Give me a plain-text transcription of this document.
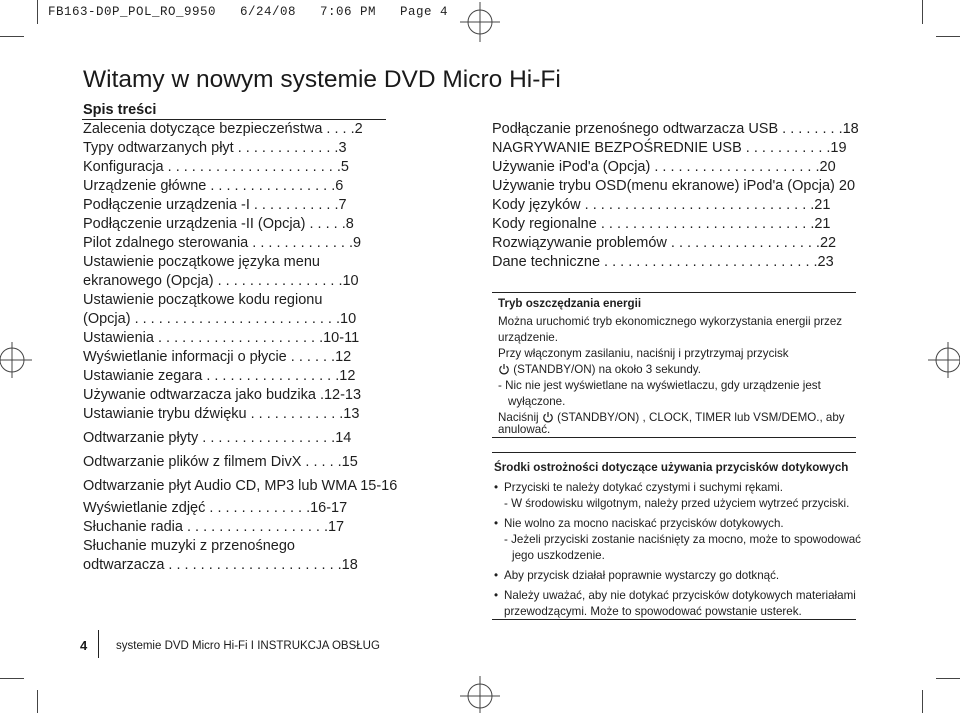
FB163-D0P_POL_RO_9950   6/24/08   7:06 PM   Page 4
Witamy w nowym systemie DVD Micro Hi-Fi
Spis treści
Zalecenia dotyczące bezpieczeństwa . . . .2
Typy odtwarzanych płyt . . . . . . . . . . . . .3
Konfiguracja . . . . . . . . . . . . . . . . . . . . . .5
Urządzenie główne . . . . . . . . . . . . . . . .6
Podłączenie urządzenia -I . . . . . . . . . . .7
Podłączenie urządzenia -II (Opcja) . . . . .8
Pilot zdalnego sterowania . . . . . . . . . . . . .9
Ustawienie początkowe języka menu
ekranowego (Opcja) . . . . . . . . . . . . . . . .10
Ustawienie początkowe kodu regionu
(Opcja) . . . . . . . . . . . . . . . . . . . . . . . . . .10
Ustawienia . . . . . . . . . . . . . . . . . . . . .10-11
Wyświetlanie informacji o płycie . . . . . .12
Ustawianie zegara . . . . . . . . . . . . . . . . .12
Używanie odtwarzacza jako budzika .12-13
Ustawianie trybu dźwięku . . . . . . . . . . . .13
Odtwarzanie płyty . . . . . . . . . . . . . . . . .14
Odtwarzanie plików z filmem DivX . . . . .15
Odtwarzanie płyt Audio CD, MP3 lub WMA 15-16
Wyświetlanie zdjęć . . . . . . . . . . . . .16-17
Słuchanie radia . . . . . . . . . . . . . . . . . .17
Słuchanie muzyki z przenośnego
odtwarzacza . . . . . . . . . . . . . . . . . . . . . .18
Podłączanie przenośnego odtwarzacza USB . . . . . . . .18
NAGRYWANIE BEZPOŚREDNIE USB . . . . . . . . . . .19
Używanie iPod'a (Opcja) . . . . . . . . . . . . . . . . . . . . .20
Używanie trybu OSD(menu ekranowe) iPod'a (Opcja) 20
Kody języków . . . . . . . . . . . . . . . . . . . . . . . . . . . . .21
Kody regionalne . . . . . . . . . . . . . . . . . . . . . . . . . . .21
Rozwiązywanie problemów . . . . . . . . . . . . . . . . . . .22
Dane techniczne . . . . . . . . . . . . . . . . . . . . . . . . . . .23
Tryb oszczędzania energii
Można uruchomić tryb ekonomicznego wykorzystania energii przez
urządzenie.
Przy włączonym zasilaniu, naciśnij i przytrzymaj przycisk
(STANDBY/ON) na około 3 sekundy.
- Nic nie jest wyświetlane na wyświetlaczu, gdy urządzenie jest
wyłączone.
Naciśnij (STANDBY/ON) , CLOCK, TIMER lub VSM/DEMO., aby
anulować.
Środki ostrożności dotyczące używania przycisków dotykowych
• Przyciski te należy dotykać czystymi i suchymi rękami.
- W środowisku wilgotnym, należy przed użyciem wytrzeć przyciski.
• Nie wolno za mocno naciskać przycisków dotykowych.
- Jeżeli przyciski zostanie naciśnięty za mocno, może to spowodować
jego uszkodzenie.
• Aby przycisk działał poprawnie wystarczy go dotknąć.
• Należy uważać, aby nie dotykać przycisków dotykowych materiałami
przewodzącymi. Może to spowodować powstanie usterek.
4	systemie DVD Micro Hi-Fi I INSTRUKCJA OBSŁUG
